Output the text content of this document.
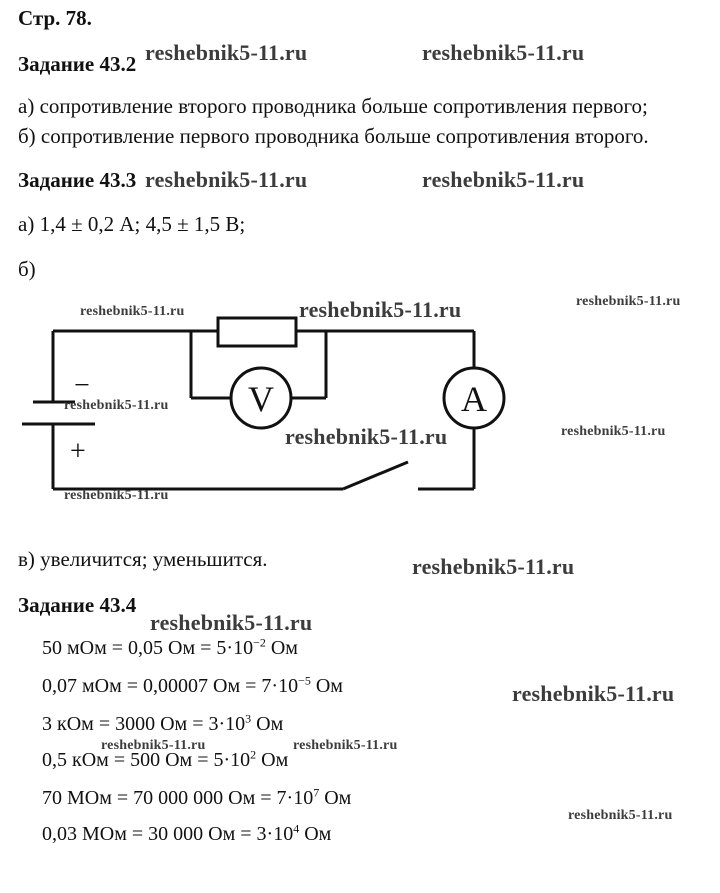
Стр. 78.
Задание 43.2
а) сопротивление второго проводника больше сопротивления первого;
б) сопротивление первого проводника больше сопротивления второго.
Задание 43.3
а) 1,4 ± 0,2 А; 4,5 ± 1,5 В;
б)
V	A
−
+
в) увеличится; уменьшится.
Задание 43.4
50 мОм = 0,05 Ом = $5\cdot 10^{-2}$ Ом
0,07 мОм = 0,00007 Ом = $7\cdot 10^{-5}$ Ом
3 кОм = 3000 Ом = $3\cdot 10^3$ Ом
0,5 кОм = 500 Ом = $5\cdot 10^2$ Ом
70 МОм = 70 000 000 Ом = $7\cdot 10^7$ Ом
0,03 МОм = 30 000 Ом = $3\cdot 10^4$ Ом
reshebnik5-11.ru	reshebnik5-11.ru
reshebnik5-11.ru	reshebnik5-11.ru
reshebnik5-11.ru	reshebnik5-11.ru	reshebnik5-11.ru
reshebnik5-11.ru
reshebnik5-11.ru	reshebnik5-11.ru
reshebnik5-11.ru
reshebnik5-11.ru
reshebnik5-11.ru
reshebnik5-11.ru
reshebnik5-11.ru	reshebnik5-11.ru
reshebnik5-11.ru
